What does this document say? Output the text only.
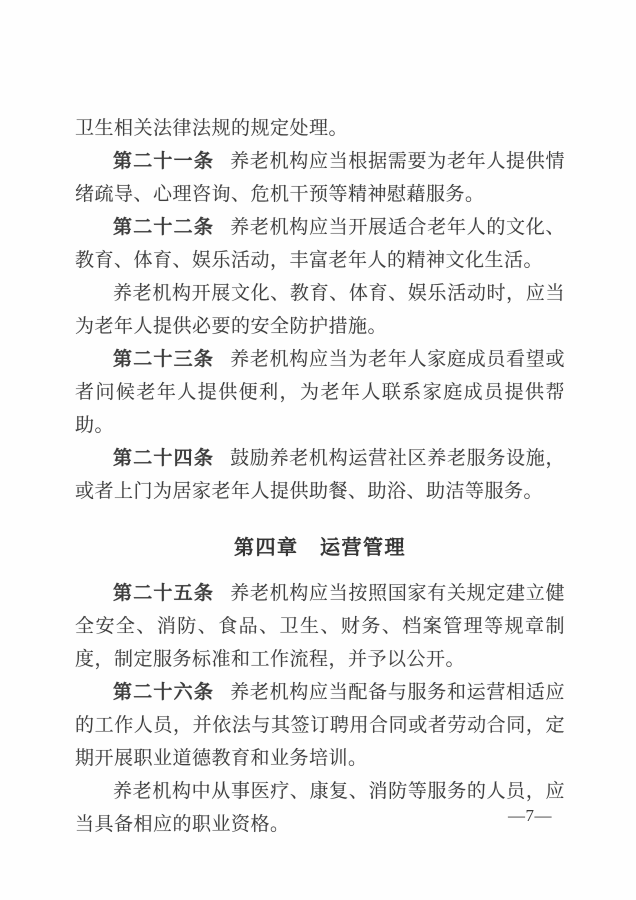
卫生相关法律法规的规定处理。

第二十一条 养老机构应当根据需要为老年人提供情绪疏导、心理咨询、危机干预等精神慰藉服务。

第二十二条 养老机构应当开展适合老年人的文化、教育、体育、娱乐活动，丰富老年人的精神文化生活。

养老机构开展文化、教育、体育、娱乐活动时，应当为老年人提供必要的安全防护措施。

第二十三条 养老机构应当为老年人家庭成员看望或者问候老年人提供便利，为老年人联系家庭成员提供帮助。

第二十四条 鼓励养老机构运营社区养老服务设施，或者上门为居家老年人提供助餐、助浴、助洁等服务。

第四章　运营管理

第二十五条 养老机构应当按照国家有关规定建立健全安全、消防、食品、卫生、财务、档案管理等规章制度，制定服务标准和工作流程，并予以公开。

第二十六条 养老机构应当配备与服务和运营相适应的工作人员，并依法与其签订聘用合同或者劳动合同，定期开展职业道德教育和业务培训。

养老机构中从事医疗、康复、消防等服务的人员，应当具备相应的职业资格。	—7—
